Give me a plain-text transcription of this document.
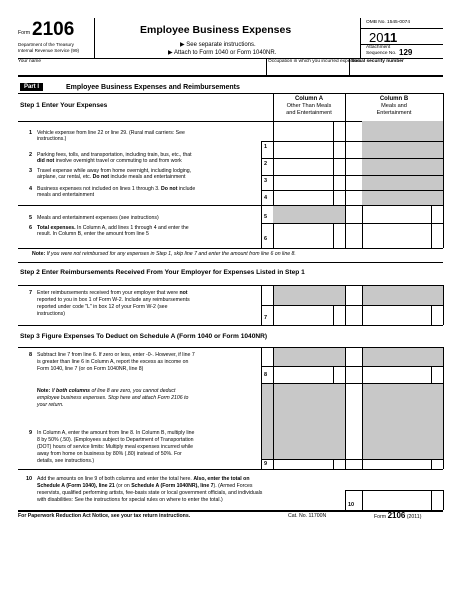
Form 2106
Department of the Treasury
Internal Revenue Service (99)
Employee Business Expenses
▶ See separate instructions.
▶ Attach to Form 1040 or Form 1040NR.
OMB No. 1545-0074
2011
Attachment
Sequence No. 129
Your name	Occupation in which you incurred expenses
Social security number
Part I	Employee Business Expenses and Reimbursements
Step 1 Enter Your Expenses
Column A
Other Than Meals
and Entertainment
Column B
Meals and
Entertainment
1 Vehicle expense from line 22 or line 29. (Rural mail carriers: See
instructions.)
1
2 Parking fees, tolls, and transportation, including train, bus, etc., that
did not involve overnight travel or commuting to and from work	2
3 Travel expense while away from home overnight, including lodging,
airplane, car rental, etc. Do not include meals and entertainment
3
4 Business expenses not included on lines 1 through 3. Do not include
meals and entertainment	4
5 Meals and entertainment expenses (see instructions)	5
6 Total expenses. In Column A, add lines 1 through 4 and enter the
result. In Column B, enter the amount from line 5
6
Note: If you were not reimbursed for any expenses in Step 1, skip line 7 and enter the amount from line 6 on line 8.
Step 2 Enter Reimbursements Received From Your Employer for Expenses Listed in Step 1
7 Enter reimbursements received from your employer that were not
reported to you in box 1 of Form W-2. Include any reimbursements
reported under code "L" in box 12 of your Form W-2 (see
instructions)
7
Step 3 Figure Expenses To Deduct on Schedule A (Form 1040 or Form 1040NR)
8 Subtract line 7 from line 6. If zero or less, enter -0-. However, if line 7
is greater than line 6 in Column A, report the excess as income on
Form 1040, line 7 (or on Form 1040NR, line 8)
8
Note: If both columns of line 8 are zero, you cannot deduct
employee business expenses. Stop here and attach Form 2106 to
your return.
9 In Column A, enter the amount from line 8. In Column B, multiply line
8 by 50% (.50). (Employees subject to Department of Transportation
(DOT) hours of service limits: Multiply meal expenses incurred while
away from home on business by 80% (.80) instead of 50%. For
details, see instructions.)	9
10 Add the amounts on line 9 of both columns and enter the total here. Also, enter the total on
Schedule A (Form 1040), line 21 (or on Schedule A (Form 1040NR), line 7). (Armed Forces
reservists, qualified performing artists, fee-basis state or local government officials, and individuals
with disabilities: See the instructions for special rules on where to enter the total.)
10
For Paperwork Reduction Act Notice, see your tax return instructions.	Cat. No. 11700N	Form 2106 (2011)
